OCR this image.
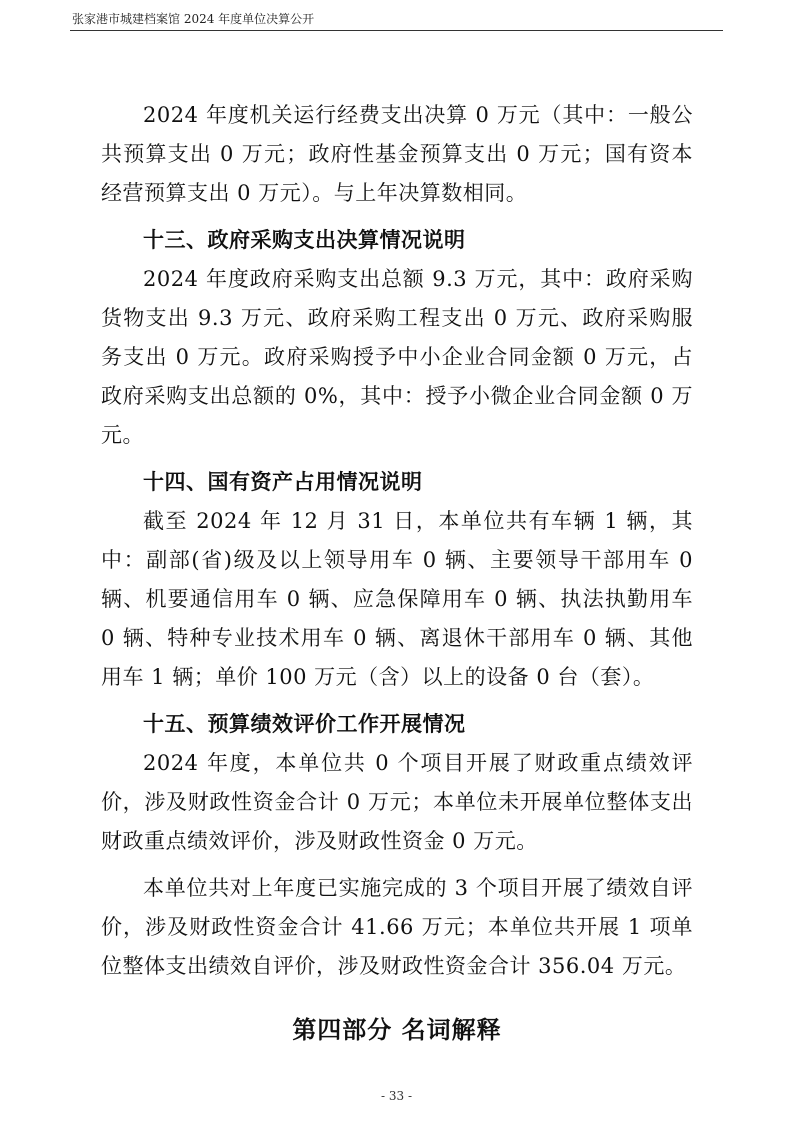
张家港市城建档案馆 2024 年度单位决算公开

2024 年度机关运行经费支出决算 0 万元（其中：一般公共预算支出 0 万元；政府性基金预算支出 0 万元；国有资本经营预算支出 0 万元）。与上年决算数相同。

十三、政府采购支出决算情况说明

2024 年度政府采购支出总额 9.3 万元，其中：政府采购货物支出 9.3 万元、政府采购工程支出 0 万元、政府采购服务支出 0 万元。政府采购授予中小企业合同金额 0 万元，占政府采购支出总额的 0%，其中：授予小微企业合同金额 0 万元。

十四、国有资产占用情况说明

截至 2024 年 12 月 31 日，本单位共有车辆 1 辆，其中：副部(省)级及以上领导用车 0 辆、主要领导干部用车 0 辆、机要通信用车 0 辆、应急保障用车 0 辆、执法执勤用车 0 辆、特种专业技术用车 0 辆、离退休干部用车 0 辆、其他用车 1 辆；单价 100 万元（含）以上的设备 0 台（套）。

十五、预算绩效评价工作开展情况

2024 年度，本单位共 0 个项目开展了财政重点绩效评价，涉及财政性资金合计 0 万元；本单位未开展单位整体支出财政重点绩效评价，涉及财政性资金 0 万元。

本单位共对上年度已实施完成的 3 个项目开展了绩效自评价，涉及财政性资金合计 41.66 万元；本单位共开展 1 项单位整体支出绩效自评价，涉及财政性资金合计 356.04 万元。

第四部分 名词解释
- 33 -
